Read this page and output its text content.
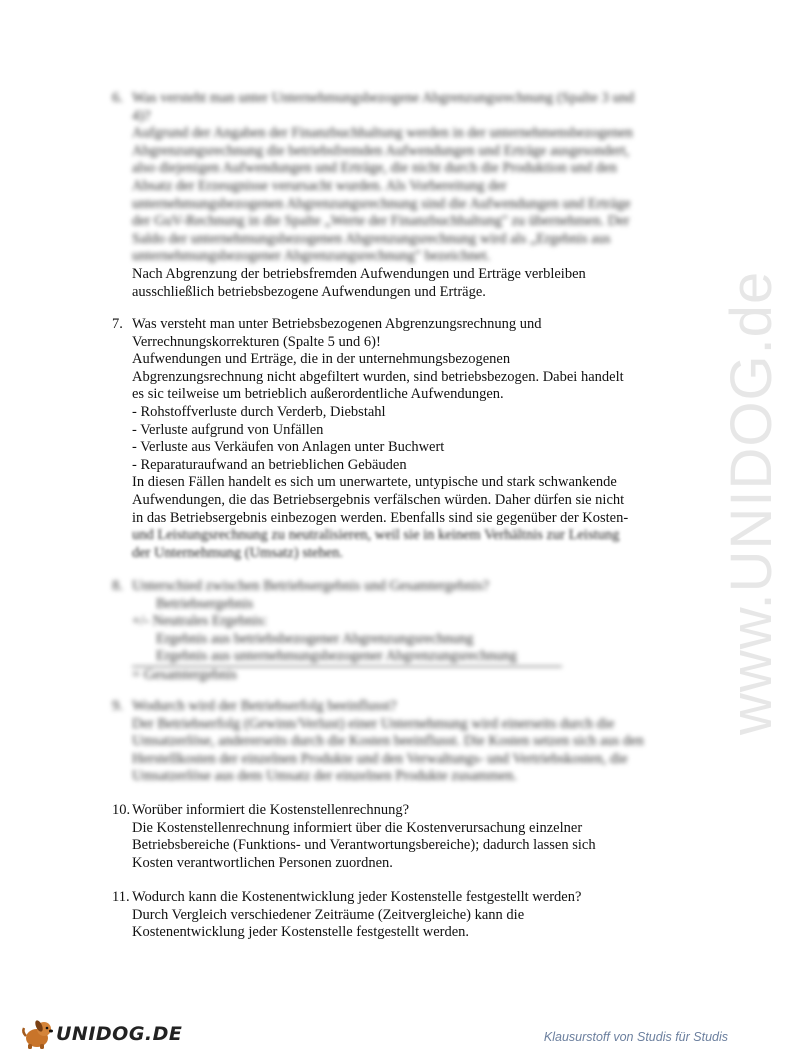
www.UNIDOG.de
6. Was versteht man unter Unternehmungsbezogene Abgrenzungsrechnung (Spalte 3 und
4)?
Aufgrund der Angaben der Finanzbuchhaltung werden in der unternehmensbezogenen
Abgrenzungsrechnung die betriebsfremden Aufwendungen und Erträge ausgesondert,
also diejenigen Aufwendungen und Erträge, die nicht durch die Produktion und den
Absatz der Erzeugnisse verursacht wurden. Als Vorbereitung der
unternehmungsbezogenen Abgrenzungsrechnung sind die Aufwendungen und Erträge
der GuV-Rechnung in die Spalte „Werte der Finanzbuchhaltung" zu übernehmen. Der
Saldo der unternehmungsbezogenen Abgrenzungsrechnung wird als „Ergebnis aus
unternehmungsbezogener Abgrenzungsrechnung" bezeichnet.
Nach Abgrenzung der betriebsfremden Aufwendungen und Erträge verbleiben
ausschließlich betriebsbezogene Aufwendungen und Erträge.
7. Was versteht man unter Betriebsbezogenen Abgrenzungsrechnung und
Verrechnungskorrekturen (Spalte 5 und 6)!
Aufwendungen und Erträge, die in der unternehmungsbezogenen
Abgrenzungsrechnung nicht abgefiltert wurden, sind betriebsbezogen. Dabei handelt
es sic teilweise um betrieblich außerordentliche Aufwendungen.
- Rohstoffverluste durch Verderb, Diebstahl
- Verluste aufgrund von Unfällen
- Verluste aus Verkäufen von Anlagen unter Buchwert
- Reparaturaufwand an betrieblichen Gebäuden
In diesen Fällen handelt es sich um unerwartete, untypische und stark schwankende
Aufwendungen, die das Betriebsergebnis verfälschen würden. Daher dürfen sie nicht
in das Betriebsergebnis einbezogen werden. Ebenfalls sind sie gegenüber der Kosten-
und Leistungsrechnung zu neutralisieren, weil sie in keinem Verhältnis zur Leistung
der Unternehmung (Umsatz) stehen.
8. Unterschied zwischen Betriebsergebnis und Gesamtergebnis?
Betriebsergebnis
+/- Neutrales Ergebnis:
Ergebnis aus betriebsbezogener Abgrenzungsrechnung
Ergebnis aus unternehmungsbezogener Abgrenzungsrechnung
= Gesamtergebnis
9. Wodurch wird der Betriebserfolg beeinflusst?
Der Betriebserfolg (Gewinn/Verlust) einer Unternehmung wird einerseits durch die
Umsatzerlöse, andererseits durch die Kosten beeinflusst. Die Kosten setzen sich aus den
Herstellkosten der einzelnen Produkte und den Verwaltungs- und Vertriebskosten, die
Umsatzerlöse aus dem Umsatz der einzelnen Produkte zusammen.
10. Worüber informiert die Kostenstellenrechnung?
Die Kostenstellenrechnung informiert über die Kostenverursachung einzelner
Betriebsbereiche (Funktions- und Verantwortungsbereiche); dadurch lassen sich
Kosten verantwortlichen Personen zuordnen.
11. Wodurch kann die Kostenentwicklung jeder Kostenstelle festgestellt werden?
Durch Vergleich verschiedener Zeiträume (Zeitvergleiche) kann die
Kostenentwicklung jeder Kostenstelle festgestellt werden.
UNIDOG.DE	Klausurstoff von Studis für Studis
